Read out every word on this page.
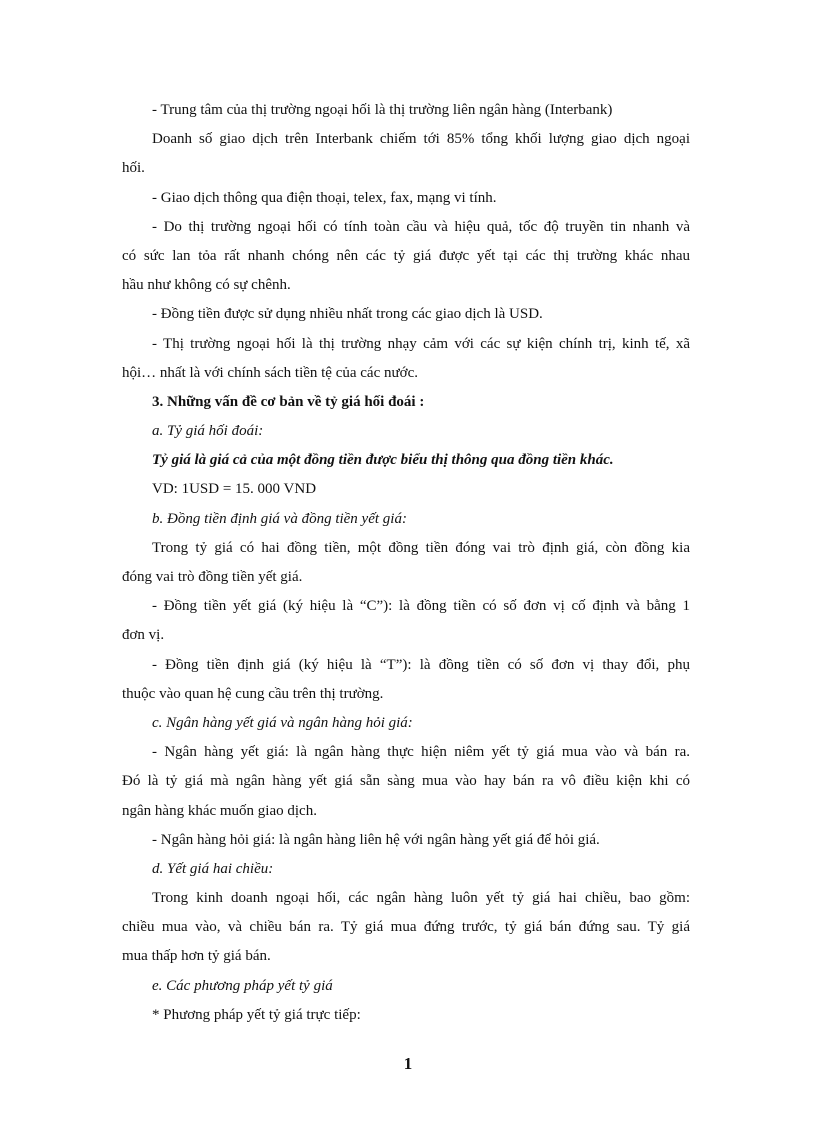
- Trung tâm của thị trường ngoại hối là thị trường liên ngân hàng (Interbank)
Doanh số giao dịch trên Interbank chiếm tới 85% tổng khối lượng giao dịch ngoại
hối.
- Giao dịch thông qua điện thoại, telex, fax, mạng vi tính.
- Do thị trường ngoại hối có tính toàn cầu và hiệu quả, tốc độ truyền tin nhanh và
có sức lan tỏa rất nhanh chóng nên các tỷ giá được yết tại các thị trường khác nhau
hầu như không có sự chênh.
- Đồng tiền được sử dụng nhiều nhất trong các giao dịch là USD.
- Thị trường ngoại hối là thị trường nhạy cảm với các sự kiện chính trị, kinh tế, xã
hội… nhất là với chính sách tiền tệ của các nước.
3. Những vấn đề cơ bản về tỷ giá hối đoái :
a. Tỷ giá hối đoái:
Tỷ giá là giá cả của một đồng tiền được biểu thị thông qua đồng tiền khác.
VD: 1USD = 15. 000 VND
b. Đồng tiền định giá và đồng tiền yết giá:
Trong tỷ giá có hai đồng tiền, một đồng tiền đóng vai trò định giá, còn đồng kia
đóng vai trò đồng tiền yết giá.
- Đồng tiền yết giá (ký hiệu là “C”): là đồng tiền có số đơn vị cố định và bằng 1
đơn vị.
- Đồng tiền định giá (ký hiệu là “T”): là đồng tiền có số đơn vị thay đổi, phụ
thuộc vào quan hệ cung cầu trên thị trường.
c. Ngân hàng yết giá và ngân hàng hỏi giá:
- Ngân hàng yết giá: là ngân hàng thực hiện niêm yết tỷ giá mua vào và bán ra.
Đó là tỷ giá mà ngân hàng yết giá sẵn sàng mua vào hay bán ra vô điều kiện khi có
ngân hàng khác muốn giao dịch.
- Ngân hàng hỏi giá: là ngân hàng liên hệ với ngân hàng yết giá để hỏi giá.
d. Yết giá hai chiều:
Trong kinh doanh ngoại hối, các ngân hàng luôn yết tỷ giá hai chiều, bao gồm:
chiều mua vào, và chiều bán ra. Tỷ giá mua đứng trước, tỷ giá bán đứng sau. Tỷ giá
mua thấp hơn tỷ giá bán.
e. Các phương pháp yết tỷ giá
* Phương pháp yết tỷ giá trực tiếp:
1
